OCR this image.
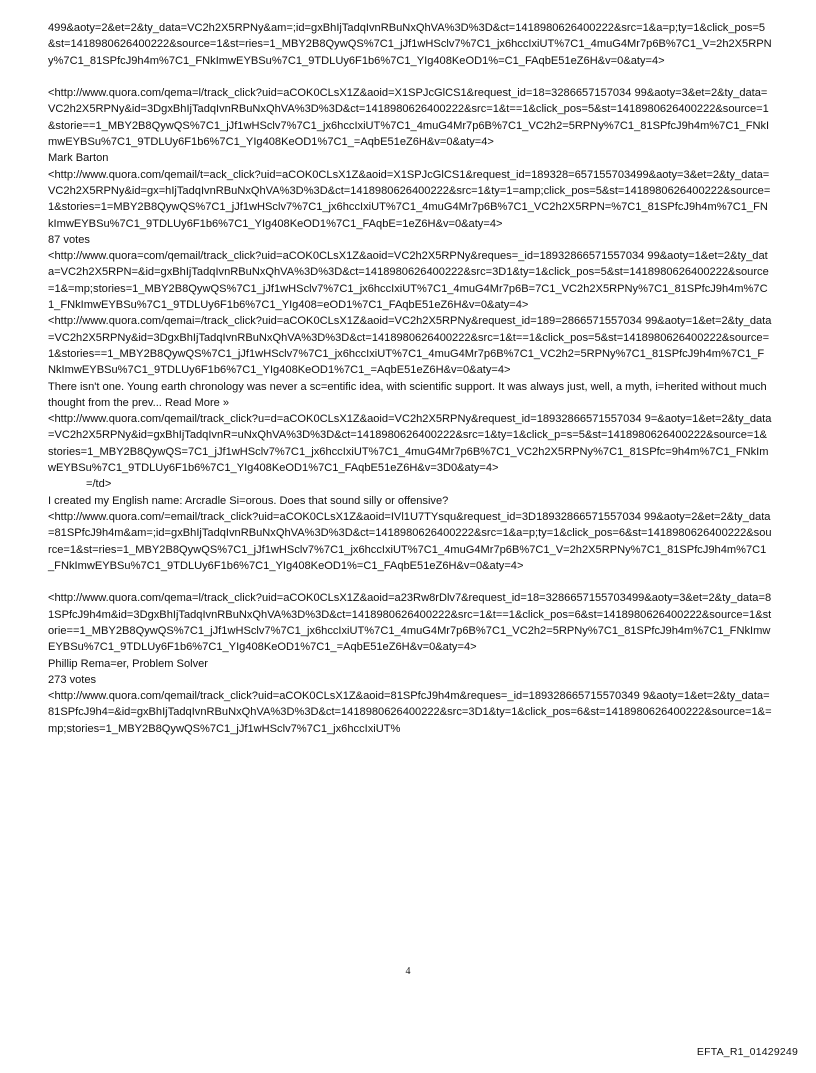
499&aoty=2&et=2&ty_data=VC2h2X5RPNy&am=;id=gxBhIjTadqIvnRBuNxQhVA%3D%3D&ct=1418980626400222&src=1&a=p;ty=1&click_pos=5&st=1418980626400222&source=1&st=ries=1_MBY2B8QywQS%7C1_jJf1wHSclv7%7C1_jx6hccIxiUT%7C1_4muG4Mr7p6B%7C1_V=2h2X5RPNy%7C1_81SPfcJ9h4m%7C1_FNkImwEYBSu%7C1_9TDLUy6F1b6%7C1_YIg408KeOD1%=C1_FAqbE51eZ6H&v=0&aty=4>

<http://www.quora.com/qema=l/track_click?uid=aCOK0CLsX1Z&aoid=X1SPJcGlCS1&request_id=18=3286657157034 99&aoty=3&et=2&ty_data=VC2h2X5RPNy&id=3DgxBhIjTadqIvnRBuNxQhVA%3D%3D&ct=1418980626400222&src=1&t==1&click_pos=5&st=1418980626400222&source=1&storie==1_MBY2B8QywQS%7C1_jJf1wHSclv7%7C1_jx6hccIxiUT%7C1_4muG4Mr7p6B%7C1_VC2h2=5RPNy%7C1_81SPfcJ9h4m%7C1_FNkImwEYBSu%7C1_9TDLUy6F1b6%7C1_YIg408KeOD1%7C1_=AqbE51eZ6H&v=0&aty=4>

Mark Barton

<http://www.quora.com/qemail/t=ack_click?uid=aCOK0CLsX1Z&aoid=X1SPJcGlCS1&request_id=189328=657155703499&aoty=3&et=2&ty_data=VC2h2X5RPNy&id=gx=hIjTadqIvnRBuNxQhVA%3D%3D&ct=1418980626400222&src=1&ty=1=amp;click_pos=5&st=1418980626400222&source=1&stories=1=MBY2B8QywQS%7C1_jJf1wHSclv7%7C1_jx6hccIxiUT%7C1_4muG4Mr7p6B%7C1_VC2h2X5RPN=%7C1_81SPfcJ9h4m%7C1_FNkImwEYBSu%7C1_9TDLUy6F1b6%7C1_YIg408KeOD1%7C1_FAqbE=1eZ6H&v=0&aty=4>

87 votes

<http://www.quora=com/qemail/track_click?uid=aCOK0CLsX1Z&aoid=VC2h2X5RPNy&reques=_id=18932866571557034 99&aoty=1&et=2&ty_data=VC2h2X5RPN=&id=gxBhIjTadqIvnRBuNxQhVA%3D%3D&ct=1418980626400222&src=3D1&ty=1&click_pos=5&st=1418980626400222&source=1&=mp;stories=1_MBY2B8QywQS%7C1_jJf1wHSclv7%7C1_jx6hccIxiUT%7C1_4muG4Mr7p6B=7C1_VC2h2X5RPNy%7C1_81SPfcJ9h4m%7C1_FNkImwEYBSu%7C1_9TDLUy6F1b6%7C1_YIg408=eOD1%7C1_FAqbE51eZ6H&v=0&aty=4>

<http://www.quora.com/qemai=/track_click?uid=aCOK0CLsX1Z&aoid=VC2h2X5RPNy&request_id=189=2866571557034 99&aoty=1&et=2&ty_data=VC2h2X5RPNy&id=3DgxBhIjTadqIvnRBuNxQhVA%3D%3D&ct=1418980626400222&src=1&t==1&click_pos=5&st=1418980626400222&source=1&stories==1_MBY2B8QywQS%7C1_jJf1wHSclv7%7C1_jx6hccIxiUT%7C1_4muG4Mr7p6B%7C1_VC2h2=5RPNy%7C1_81SPfcJ9h4m%7C1_FNkImwEYBSu%7C1_9TDLUy6F1b6%7C1_YIg408KeOD1%7C1_=AqbE51eZ6H&v=0&aty=4>

There isn't one. Young earth chronology was never a sc=entific idea, with scientific support. It was always just, well, a myth, i=herited without much thought from the prev... Read More »

<http://www.quora.com/qemail/track_click?u=d=aCOK0CLsX1Z&aoid=VC2h2X5RPNy&request_id=18932866571557034 9=&aoty=1&et=2&ty_data=VC2h2X5RPNy&id=gxBhIjTadqIvnR=uNxQhVA%3D%3D&ct=1418980626400222&src=1&ty=1&click_p=s=5&st=1418980626400222&source=1&stories=1_MBY2B8QywQS=7C1_jJf1wHSclv7%7C1_jx6hccIxiUT%7C1_4muG4Mr7p6B%7C1_VC2h2X5RPNy%7C1_81SPfc=9h4m%7C1_FNkImwEYBSu%7C1_9TDLUy6F1b6%7C1_YIg408KeOD1%7C1_FAqbE51eZ6H&v=3D0&aty=4>

=/td>

I created my English name: Arcradle Si=orous. Does that sound silly or offensive?

<http://www.quora.com/=email/track_click?uid=aCOK0CLsX1Z&aoid=IVl1U7TYsqu&request_id=3D18932866571557034 99&aoty=2&et=2&ty_data=81SPfcJ9h4m&am=;id=gxBhIjTadqIvnRBuNxQhVA%3D%3D&ct=1418980626400222&src=1&a=p;ty=1&click_pos=6&st=1418980626400222&source=1&st=ries=1_MBY2B8QywQS%7C1_jJf1wHSclv7%7C1_jx6hccIxiUT%7C1_4muG4Mr7p6B%7C1_V=2h2X5RPNy%7C1_81SPfcJ9h4m%7C1_FNkImwEYBSu%7C1_9TDLUy6F1b6%7C1_YIg408KeOD1%=C1_FAqbE51eZ6H&v=0&aty=4>

<http://www.quora.com/qema=l/track_click?uid=aCOK0CLsX1Z&aoid=a23Rw8rDlv7&request_id=18=3286657155703499&aoty=3&et=2&ty_data=81SPfcJ9h4m&id=3DgxBhIjTadqIvnRBuNxQhVA%3D%3D&ct=1418980626400222&src=1&t==1&click_pos=6&st=1418980626400222&source=1&storie==1_MBY2B8QywQS%7C1_jJf1wHSclv7%7C1_jx6hccIxiUT%7C1_4muG4Mr7p6B%7C1_VC2h2=5RPNy%7C1_81SPfcJ9h4m%7C1_FNkImwEYBSu%7C1_9TDLUy6F1b6%7C1_YIg408KeOD1%7C1_=AqbE51eZ6H&v=0&aty=4>

Phillip Rema=er, Problem Solver

273 votes

<http://www.quora.com/qemail/track_click?uid=aCOK0CLsX1Z&aoid=81SPfcJ9h4m&reques=_id=189328665715570349 9&aoty=1&et=2&ty_data=81SPfcJ9h4=&id=gxBhIjTadqIvnRBuNxQhVA%3D%3D&ct=1418980626400222&src=3D1&ty=1&click_pos=6&st=1418980626400222&source=1&=mp;stories=1_MBY2B8QywQS%7C1_jJf1wHSclv7%7C1_jx6hccIxiUT%

4
EFTA_R1_01429249
